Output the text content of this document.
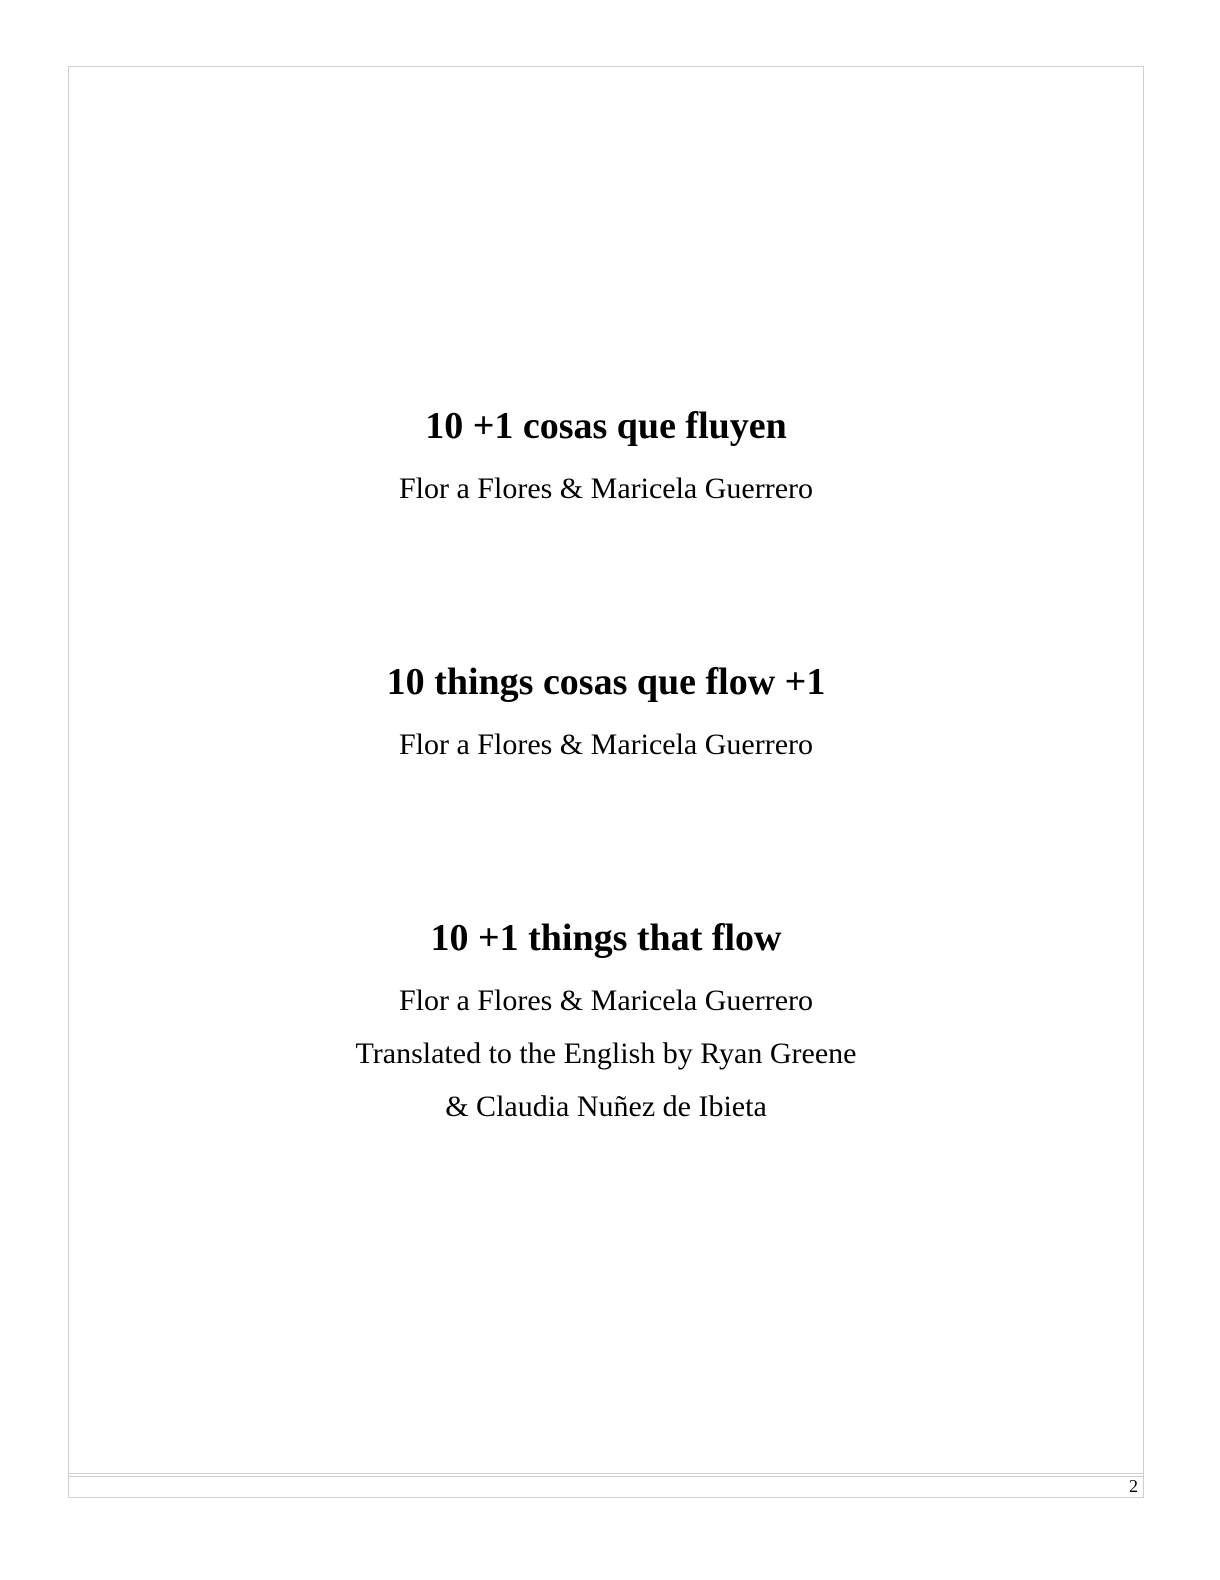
10 +1 cosas que fluyen

Flor a Flores & Maricela Guerrero

10 things cosas que flow +1

Flor a Flores & Maricela Guerrero

10 +1 things that flow

Flor a Flores & Maricela Guerrero

Translated to the English by Ryan Greene

& Claudia Nuñez de Ibieta

2
